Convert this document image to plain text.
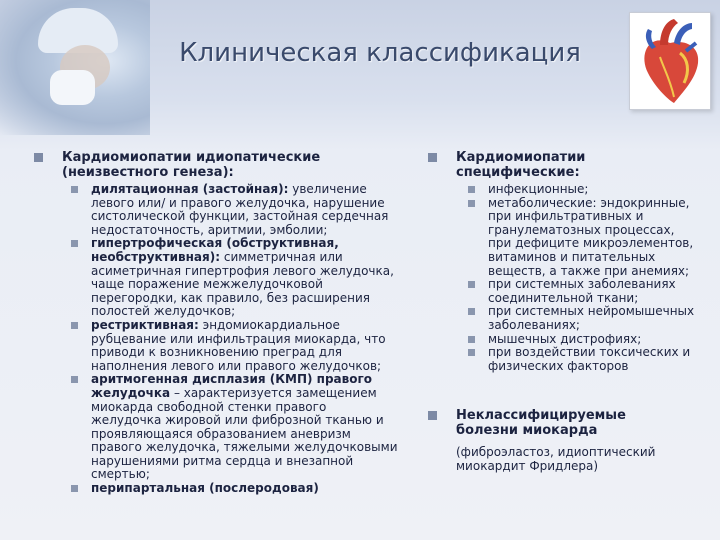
Клиническая классификация

Кардиомиопатии идиопатические

(неизвестного генеза):

дилятационная (застойная): увеличение левого или/ и правого желудочка, нарушение систолической функции, застойная сердечная недостаточность, аритмии, эмболии;
гипертрофическая (обструктивная, необструктивная): симметричная или асиметричная гипертрофия левого желудочка, чаще поражение межжелудочковой перегородки, как правило, без расширения полостей желудочков;
рестриктивная: эндомиокардиальное рубцевание или инфильтрация миокарда, что приводи к возникновению преград для наполнения левого или правого желудочков;
аритмогенная дисплазия (КМП) правого желудочка – характеризуется замещением миокарда свободной стенки правого желудочка жировой или фиброзной тканью и проявляющаяся образованием аневризм правого желудочка, тяжелыми желудочковыми нарушениями ритма сердца и внезапной смертью;
перипартальная (послеродовая)

Кардиомиопатии

специфические:

инфекционные;
метаболические: эндокринные, при инфильтративных и гранулематозных процессах, при дефиците микроэлементов, витаминов и питательных веществ, а также при анемиях;
при системных заболеваниях соединительной ткани;
при системных нейромышечных заболеваниях;
мышечных дистрофиях;
при воздействии токсических и физических факторов

Неклассифицируемые

болезни миокарда

(фиброэластоз, идиоптический миокардит Фридлера)
